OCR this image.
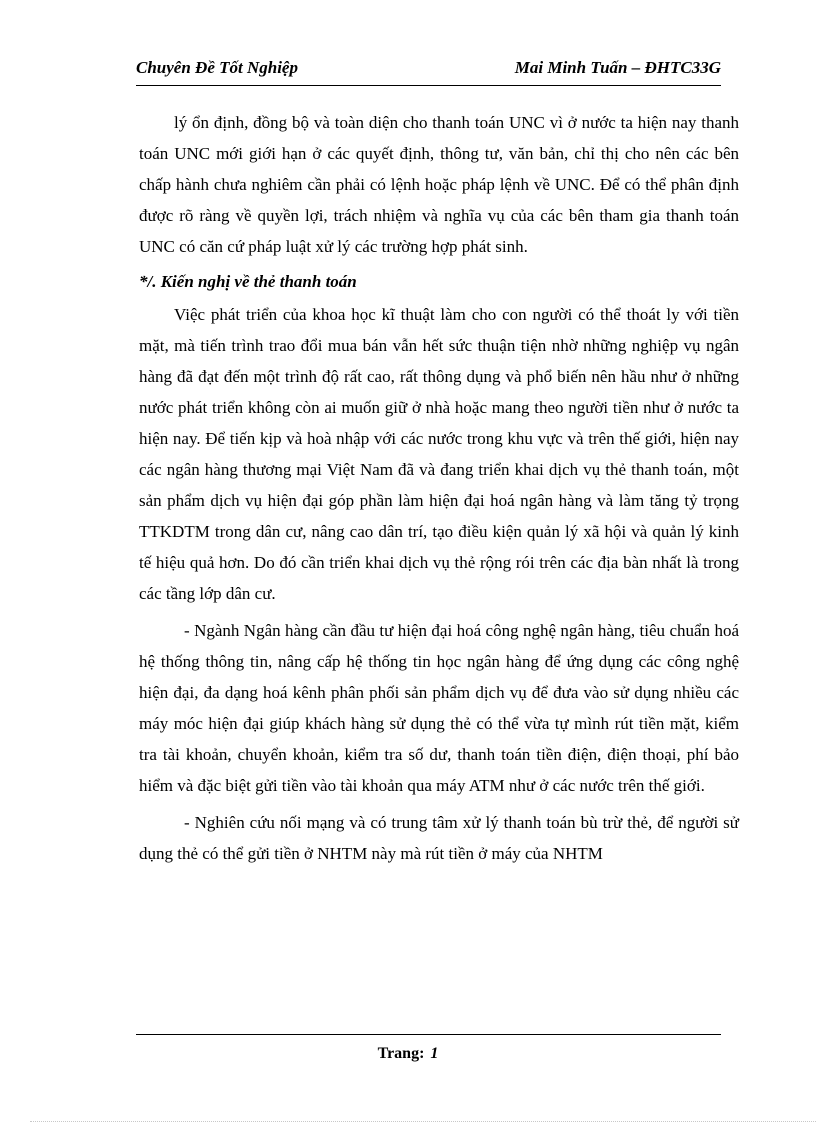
Chuyên Đề Tốt Nghiệp	Mai Minh Tuấn – ĐHTC33G

lý ổn định, đồng bộ và toàn diện cho thanh toán UNC vì ở nước ta hiện nay thanh toán UNC mới giới hạn ở các quyết định, thông tư, văn bản, chỉ thị cho nên các bên chấp hành chưa nghiêm cần phải có lệnh hoặc pháp lệnh về UNC. Để có thể phân định được rõ ràng về quyền lợi, trách nhiệm và nghĩa vụ của các bên tham gia thanh toán UNC có căn cứ pháp luật xử lý các trường hợp phát sinh.

*/. Kiến nghị về thẻ thanh toán

Việc phát triển của khoa học kĩ thuật làm cho con người có thể thoát ly với tiền mặt, mà tiến trình trao đổi mua bán vẫn hết sức thuận tiện nhờ những nghiệp vụ ngân hàng đã đạt đến một trình độ rất cao, rất thông dụng và phổ biến nên hầu như ở những nước phát triển không còn ai muốn giữ ở nhà hoặc mang theo người tiền như ở nước ta hiện nay. Để tiến kịp và hoà nhập với các nước trong khu vực và trên thế giới, hiện nay các ngân hàng thương mại Việt Nam đã và đang triển khai dịch vụ thẻ thanh toán, một sản phẩm dịch vụ hiện đại góp phần làm hiện đại hoá ngân hàng và làm tăng tỷ trọng TTKDTM trong dân cư, nâng cao dân trí, tạo điều kiện quản lý xã hội và quản lý kinh tế hiệu quả hơn. Do đó cần triển khai dịch vụ thẻ rộng rói trên các địa bàn nhất là trong các tầng lớp dân cư.

- Ngành Ngân hàng cần đầu tư hiện đại hoá công nghệ ngân hàng, tiêu chuẩn hoá hệ thống thông tin, nâng cấp hệ thống tin học ngân hàng để ứng dụng các công nghệ hiện đại, đa dạng hoá kênh phân phối sản phẩm dịch vụ để đưa vào sử dụng nhiều các máy móc hiện đại giúp khách hàng sử dụng thẻ có thể vừa tự mình rút tiền mặt, kiểm tra tài khoản, chuyển khoản, kiểm tra số dư, thanh toán tiền điện, điện thoại, phí bảo hiểm và đặc biệt gửi tiền vào tài khoản qua máy ATM như ở các nước trên thế giới.

- Nghiên cứu nối mạng và có trung tâm xử lý thanh toán bù trừ thẻ, để người sử dụng thẻ có thể gửi tiền ở NHTM này mà rút tiền ở máy của NHTM

Trang: 1
